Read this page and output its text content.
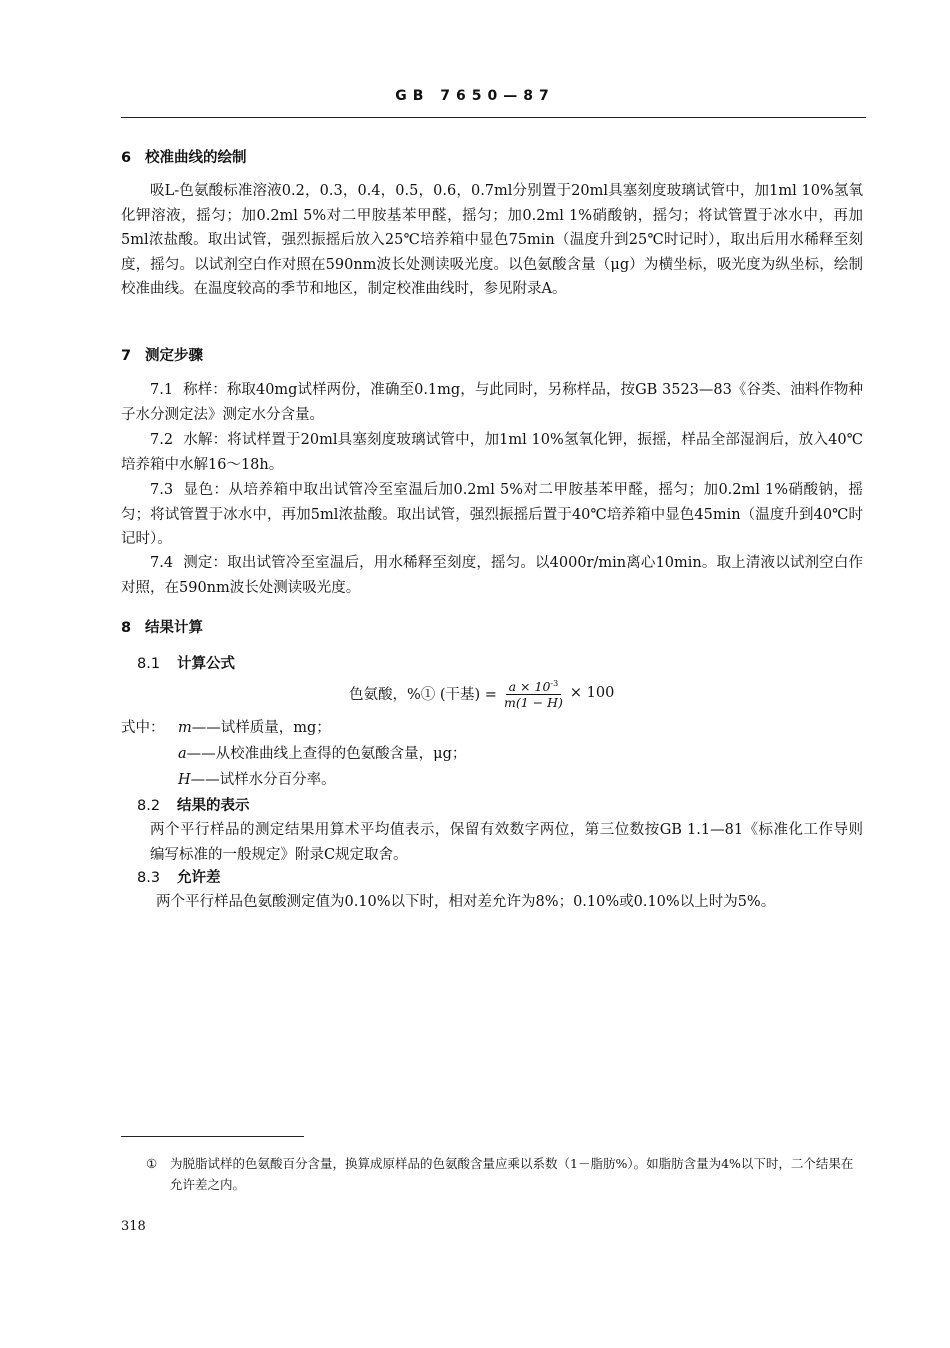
GB 7650—87
6 校准曲线的绘制
吸L-色氨酸标准溶液0.2，0.3，0.4，0.5，0.6，0.7ml分别置于20ml具塞刻度玻璃试管中，加1ml 10%氢氧化钾溶液，摇匀；加0.2ml 5%对二甲胺基苯甲醛，摇匀；加0.2ml 1%硝酸钠，摇匀；将试管置于冰水中，再加5ml浓盐酸。取出试管，强烈振摇后放入25℃培养箱中显色75min（温度升到25℃时记时），取出后用水稀释至刻度，摇匀。以试剂空白作对照在590nm波长处测读吸光度。以色氨酸含量（μg）为横坐标，吸光度为纵坐标，绘制校准曲线。在温度较高的季节和地区，制定校准曲线时，参见附录A。
7 测定步骤
7.1 称样：称取40mg试样两份，准确至0.1mg，与此同时，另称样品，按GB 3523—83《谷类、油料作物种子水分测定法》测定水分含量。
7.2 水解：将试样置于20ml具塞刻度玻璃试管中，加1ml 10%氢氧化钾，振摇，样品全部湿润后，放入40℃培养箱中水解16～18h。
7.3 显色：从培养箱中取出试管冷至室温后加0.2ml 5%对二甲胺基苯甲醛，摇匀；加0.2ml 1%硝酸钠，摇匀；将试管置于冰水中，再加5ml浓盐酸。取出试管，强烈振摇后置于40℃培养箱中显色45min（温度升到40℃时记时）。
7.4 测定：取出试管冷至室温后，用水稀释至刻度，摇匀。以4000r/min离心10min。取上清液以试剂空白作对照，在590nm波长处测读吸光度。
8 结果计算
8.1 计算公式
色氨酸，%① (干基) = $\frac{a \times 10^{-3}}{m(1 - H)} \times 100$
式中： m——试样质量，mg；
a——从校准曲线上查得的色氨酸含量，μg；
H——试样水分百分率。
8.2 结果的表示
两个平行样品的测定结果用算术平均值表示，保留有效数字两位，第三位数按GB 1.1—81《标准化工作导则　编写标准的一般规定》附录C规定取舍。
8.3 允许差
两个平行样品色氨酸测定值为0.10%以下时，相对差允许为8%；0.10%或0.10%以上时为5%。
① 为脱脂试样的色氨酸百分含量，换算成原样品的色氨酸含量应乘以系数（1－脂肪%）。如脂肪含量为4%以下时，二个结果在允许差之内。
318
